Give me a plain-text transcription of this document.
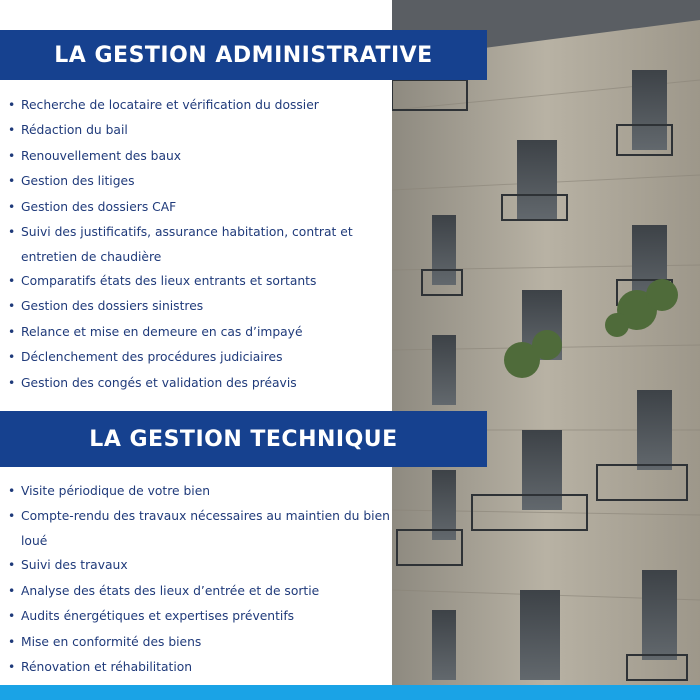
LA GESTION ADMINISTRATIVE
• Recherche de locataire et vérification du dossier
• Rédaction du bail
• Renouvellement des baux
• Gestion des litiges
• Gestion des dossiers CAF
• Suivi des justificatifs, assurance habitation, contrat et entretien de chaudière
• Comparatifs états des lieux entrants et sortants
• Gestion des dossiers sinistres
• Relance et mise en demeure en cas d’impayé
• Déclenchement des procédures judiciaires
• Gestion des congés et validation des préavis
LA GESTION TECHNIQUE
• Visite périodique de votre bien
• Compte-rendu des travaux nécessaires au maintien du bien loué
• Suivi des travaux
• Analyse des états des lieux d’entrée et de sortie
• Audits énergétiques et expertises préventifs
• Mise en conformité des biens
• Rénovation et réhabilitation
